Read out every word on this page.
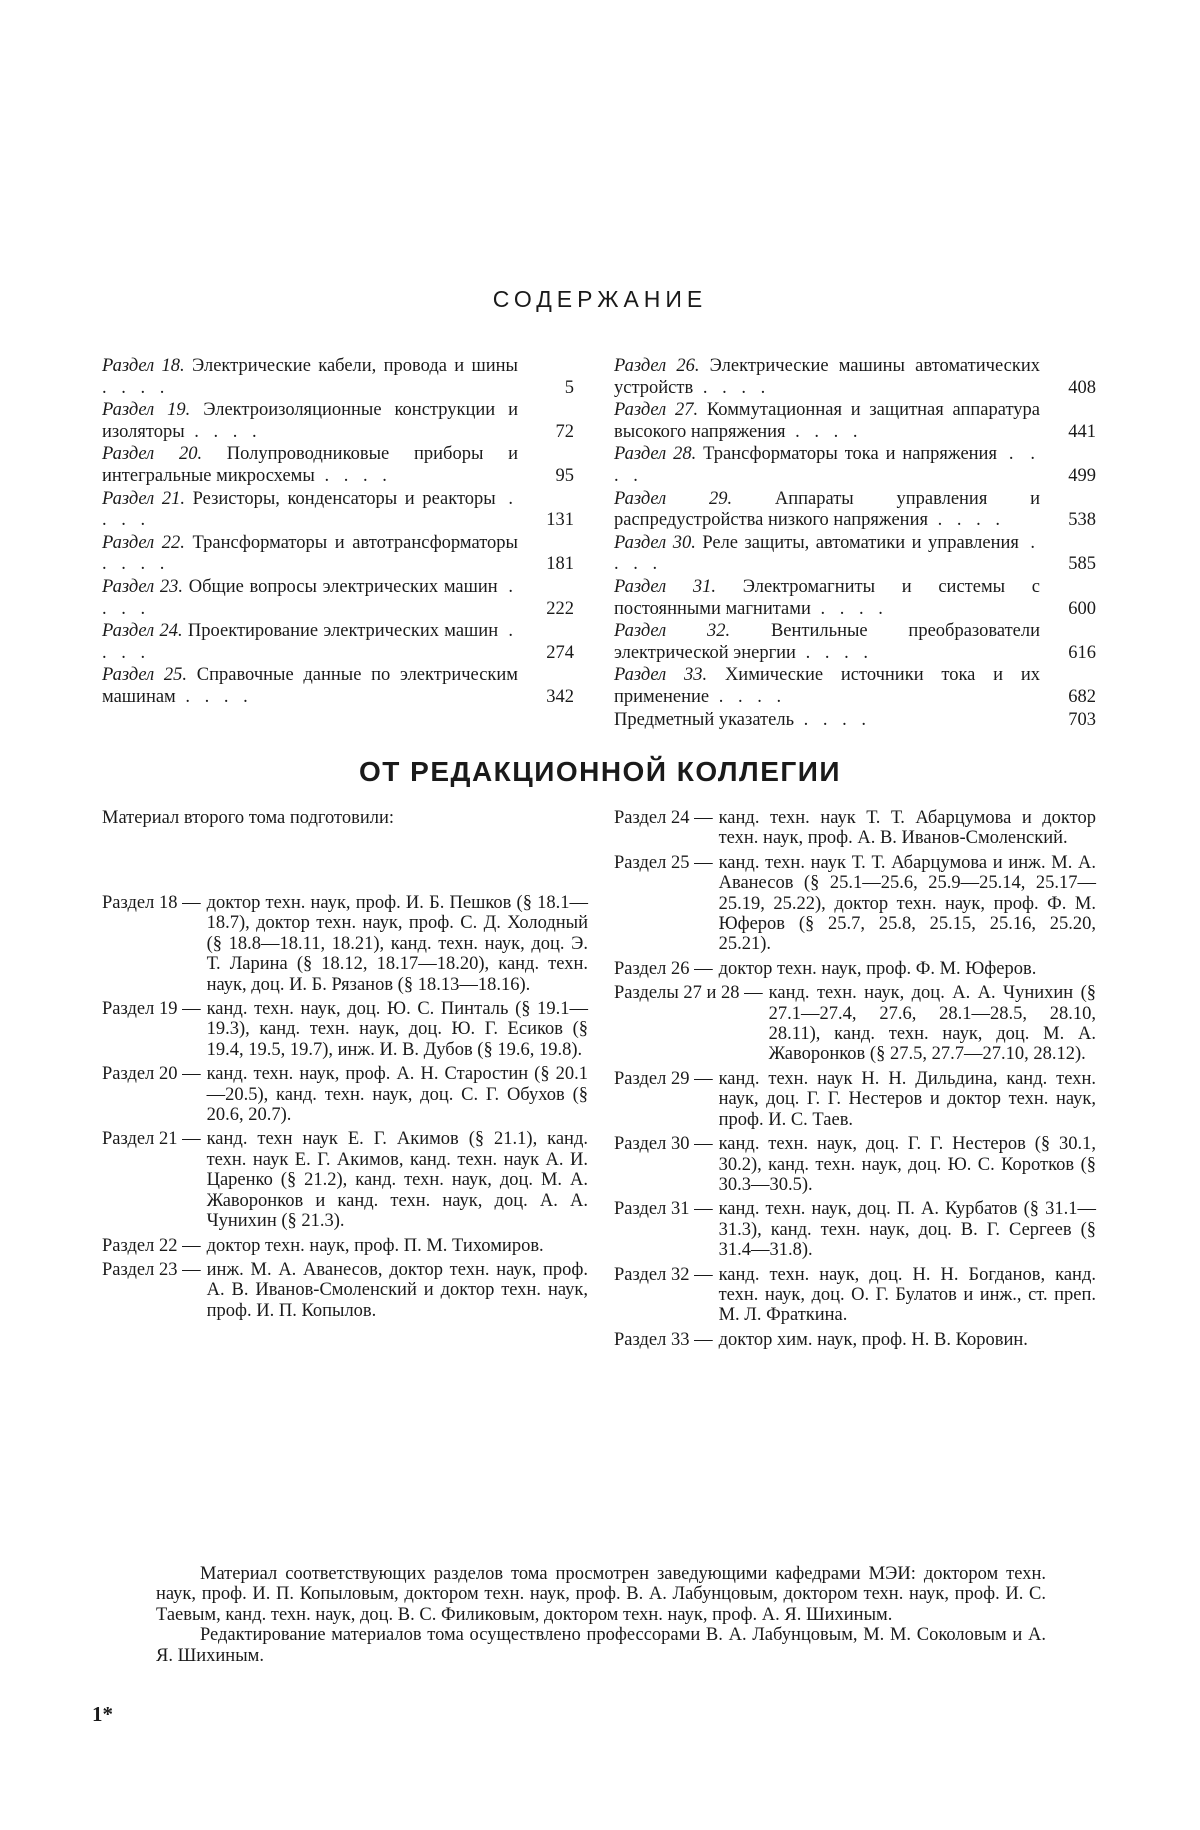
СОДЕРЖАНИЕ
Раздел 18. Электрические кабели, провода и шины . . . .	5
Раздел 19. Электроизоляционные конструкции и изоляторы . . . .	72
Раздел 20. Полупроводниковые приборы и интегральные микросхемы . . . .	95
Раздел 21. Резисторы, конденсаторы и реакторы . . . .	131
Раздел 22. Трансформаторы и автотрансформаторы . . . .	181
Раздел 23. Общие вопросы электрических машин . . . .	222
Раздел 24. Проектирование электрических машин . . . .	274
Раздел 25. Справочные данные по электрическим машинам . . . .	342
Раздел 26. Электрические машины автоматических устройств . . . .	408
Раздел 27. Коммутационная и защитная аппаратура высокого напряжения . . . .	441
Раздел 28. Трансформаторы тока и напряжения . . . .	499
Раздел 29. Аппараты управления и распредустройства низкого напряжения . . . .	538
Раздел 30. Реле защиты, автоматики и управления . . . .	585
Раздел 31. Электромагниты и системы с постоянными магнитами . . . .	600
Раздел 32. Вентильные преобразователи электрической энергии . . . .	616
Раздел 33. Химические источники тока и их применение . . . .	682
Предметный указатель . . . .	703
ОТ РЕДАКЦИОННОЙ КОЛЛЕГИИ
Материал второго тома подготовили:
Раздел 18 — доктор техн. наук, проф. И. Б. Пешков (§ 18.1—18.7), доктор техн. наук, проф. С. Д. Холодный (§ 18.8—18.11, 18.21), канд. техн. наук, доц. Э. Т. Ларина (§ 18.12, 18.17—18.20), канд. техн. наук, доц. И. Б. Рязанов (§ 18.13—18.16).
Раздел 19 — канд. техн. наук, доц. Ю. С. Пинталь (§ 19.1—19.3), канд. техн. наук, доц. Ю. Г. Есиков (§ 19.4, 19.5, 19.7), инж. И. В. Дубов (§ 19.6, 19.8).
Раздел 20 — канд. техн. наук, проф. А. Н. Старостин (§ 20.1—20.5), канд. техн. наук, доц. С. Г. Обухов (§ 20.6, 20.7).
Раздел 21 — канд. техн наук Е. Г. Акимов (§ 21.1), канд. техн. наук Е. Г. Акимов, канд. техн. наук А. И. Царенко (§ 21.2), канд. техн. наук, доц. М. А. Жаворонков и канд. техн. наук, доц. А. А. Чунихин (§ 21.3).
Раздел 22 — доктор техн. наук, проф. П. М. Тихомиров.
Раздел 23 — инж. М. А. Аванесов, доктор техн. наук, проф. А. В. Иванов-Смоленский и доктор техн. наук, проф. И. П. Копылов.
Раздел 24 — канд. техн. наук Т. Т. Абарцумова и доктор техн. наук, проф. А. В. Иванов-Смоленский.
Раздел 25 — канд. техн. наук Т. Т. Абарцумова и инж. М. А. Аванесов (§ 25.1—25.6, 25.9—25.14, 25.17—25.19, 25.22), доктор техн. наук, проф. Ф. М. Юферов (§ 25.7, 25.8, 25.15, 25.16, 25.20, 25.21).
Раздел 26 — доктор техн. наук, проф. Ф. М. Юферов.
Разделы 27 и 28 — канд. техн. наук, доц. А. А. Чунихин (§ 27.1—27.4, 27.6, 28.1—28.5, 28.10, 28.11), канд. техн. наук, доц. М. А. Жаворонков (§ 27.5, 27.7—27.10, 28.12).
Раздел 29 — канд. техн. наук Н. Н. Дильдина, канд. техн. наук, доц. Г. Г. Нестеров и доктор техн. наук, проф. И. С. Таев.
Раздел 30 — канд. техн. наук, доц. Г. Г. Нестеров (§ 30.1, 30.2), канд. техн. наук, доц. Ю. С. Коротков (§ 30.3—30.5).
Раздел 31 — канд. техн. наук, доц. П. А. Курбатов (§ 31.1—31.3), канд. техн. наук, доц. В. Г. Сергеев (§ 31.4—31.8).
Раздел 32 — канд. техн. наук, доц. Н. Н. Богданов, канд. техн. наук, доц. О. Г. Булатов и инж., ст. преп. М. Л. Фраткина.
Раздел 33 — доктор хим. наук, проф. Н. В. Коровин.

Материал соответствующих разделов тома просмотрен заведующими кафедрами МЭИ: доктором техн. наук, проф. И. П. Копыловым, доктором техн. наук, проф. В. А. Лабунцовым, доктором техн. наук, проф. И. С. Таевым, канд. техн. наук, доц. В. С. Филиковым, доктором техн. наук, проф. А. Я. Шихиным.

Редактирование материалов тома осуществлено профессорами В. А. Лабунцовым, М. М. Соколовым и А. Я. Шихиным.

1*
